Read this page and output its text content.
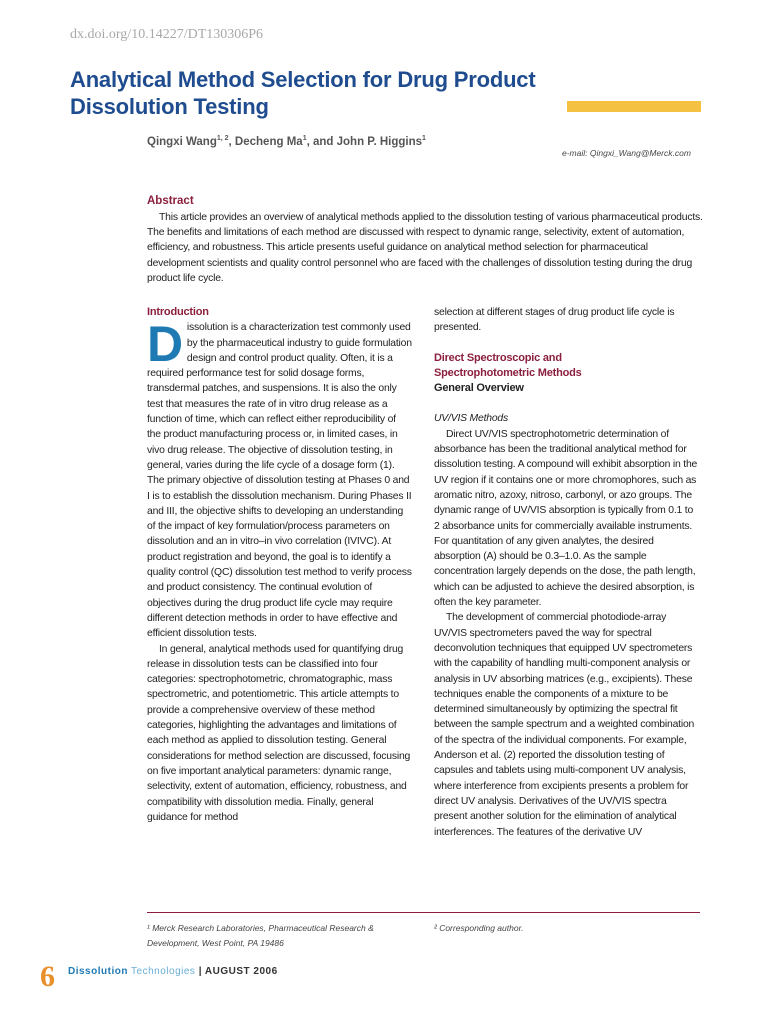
dx.doi.org/10.14227/DT130306P6
Analytical Method Selection for Drug Product Dissolution Testing
Qingxi Wang$^{1, 2}$, Decheng Ma$^1$, and John P. Higgins$^1$
e-mail: Qingxi_Wang@Merck.com
Abstract
This article provides an overview of analytical methods applied to the dissolution testing of various pharmaceutical products. The benefits and limitations of each method are discussed with respect to dynamic range, selectivity, extent of automation, efficiency, and robustness. This article presents useful guidance on analytical method selection for pharmaceutical development scientists and quality control personnel who are faced with the challenges of dissolution testing during the drug product life cycle.

Introduction

Dissolution is a characterization test commonly used by the pharmaceutical industry to guide formulation design and control product quality. Often, it is a required performance test for solid dosage forms, transdermal patches, and suspensions. It is also the only test that measures the rate of in vitro drug release as a function of time, which can reflect either reproducibility of the product manufacturing process or, in limited cases, in vivo drug release. The objective of dissolution testing, in general, varies during the life cycle of a dosage form (1). The primary objective of dissolution testing at Phases 0 and I is to establish the dissolution mechanism. During Phases II and III, the objective shifts to developing an understanding of the impact of key formulation/process parameters on dissolution and an in vitro–in vivo correlation (IVIVC). At product registration and beyond, the goal is to identify a quality control (QC) dissolution test method to verify process and product consistency. The continual evolution of objectives during the drug product life cycle may require different detection methods in order to have effective and efficient dissolution tests.

In general, analytical methods used for quantifying drug release in dissolution tests can be classified into four categories: spectrophotometric, chromatographic, mass spectrometric, and potentiometric. This article attempts to provide a comprehensive overview of these method categories, highlighting the advantages and limitations of each method as applied to dissolution testing. General considerations for method selection are discussed, focusing on five important analytical parameters: dynamic range, selectivity, extent of automation, efficiency, robustness, and compatibility with dissolution media. Finally, general guidance for method

selection at different stages of drug product life cycle is presented.

Direct Spectroscopic and Spectrophotometric Methods

General Overview

UV/VIS Methods

Direct UV/VIS spectrophotometric determination of absorbance has been the traditional analytical method for dissolution testing. A compound will exhibit absorption in the UV region if it contains one or more chromophores, such as aromatic nitro, azoxy, nitroso, carbonyl, or azo groups. The dynamic range of UV/VIS absorption is typically from 0.1 to 2 absorbance units for commercially available instruments. For quantitation of any given analytes, the desired absorption (A) should be 0.3–1.0. As the sample concentration largely depends on the dose, the path length, which can be adjusted to achieve the desired absorption, is often the key parameter.

The development of commercial photodiode-array UV/VIS spectrometers paved the way for spectral deconvolution techniques that equipped UV spectrometers with the capability of handling multi-component analysis or analysis in UV absorbing matrices (e.g., excipients). These techniques enable the components of a mixture to be determined simultaneously by optimizing the spectral fit between the sample spectrum and a weighted combination of the spectra of the individual components. For example, Anderson et al. (2) reported the dissolution testing of capsules and tablets using multi-component UV analysis, where interference from excipients presents a problem for direct UV analysis. Derivatives of the UV/VIS spectra present another solution for the elimination of analytical interferences. The features of the derivative UV

¹ Merck Research Laboratories, Pharmaceutical Research & Development, West Point, PA 19486
² Corresponding author.
6 Dissolution Technologies | AUGUST 2006
